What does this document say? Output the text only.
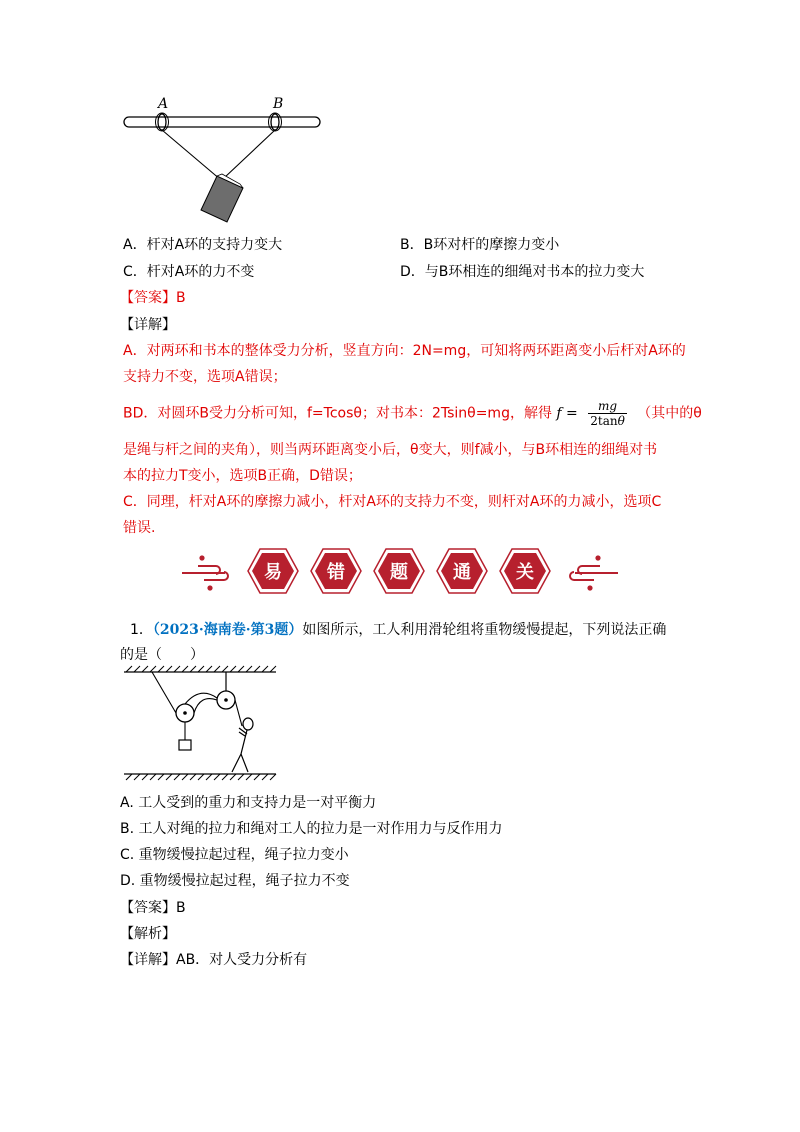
A	B
A．杆对A环的支持力变大	B．B环对杆的摩擦力变小
C．杆对A环的力不变	D．与B环相连的细绳对书本的拉力变大
【答案】B
【详解】
A．对两环和书本的整体受力分析，竖直方向：2N=mg，可知将两环距离变小后杆对A环的
支持力不变，选项A错误；
BD．对圆环B受力分析可知，f=Tcosθ；对书本：2Tsinθ=mg，解得 $f = \frac{mg}{2\tan\theta}$ （其中的θ
是绳与杆之间的夹角），则当两环距离变小后，θ变大，则f减小，与B环相连的细绳对书
本的拉力T变小，选项B正确，D错误；
C．同理，杆对A环的摩擦力减小，杆对A环的支持力不变，则杆对A环的力减小，选项C
错误.
易	错	题	通	关
1．（2023·海南卷·第3题）如图所示，工人利用滑轮组将重物缓慢提起，下列说法正确
的是（　　）
A. 工人受到的重力和支持力是一对平衡力
B. 工人对绳的拉力和绳对工人的拉力是一对作用力与反作用力
C. 重物缓慢拉起过程，绳子拉力变小
D. 重物缓慢拉起过程，绳子拉力不变
【答案】B
【解析】
【详解】AB．对人受力分析有
